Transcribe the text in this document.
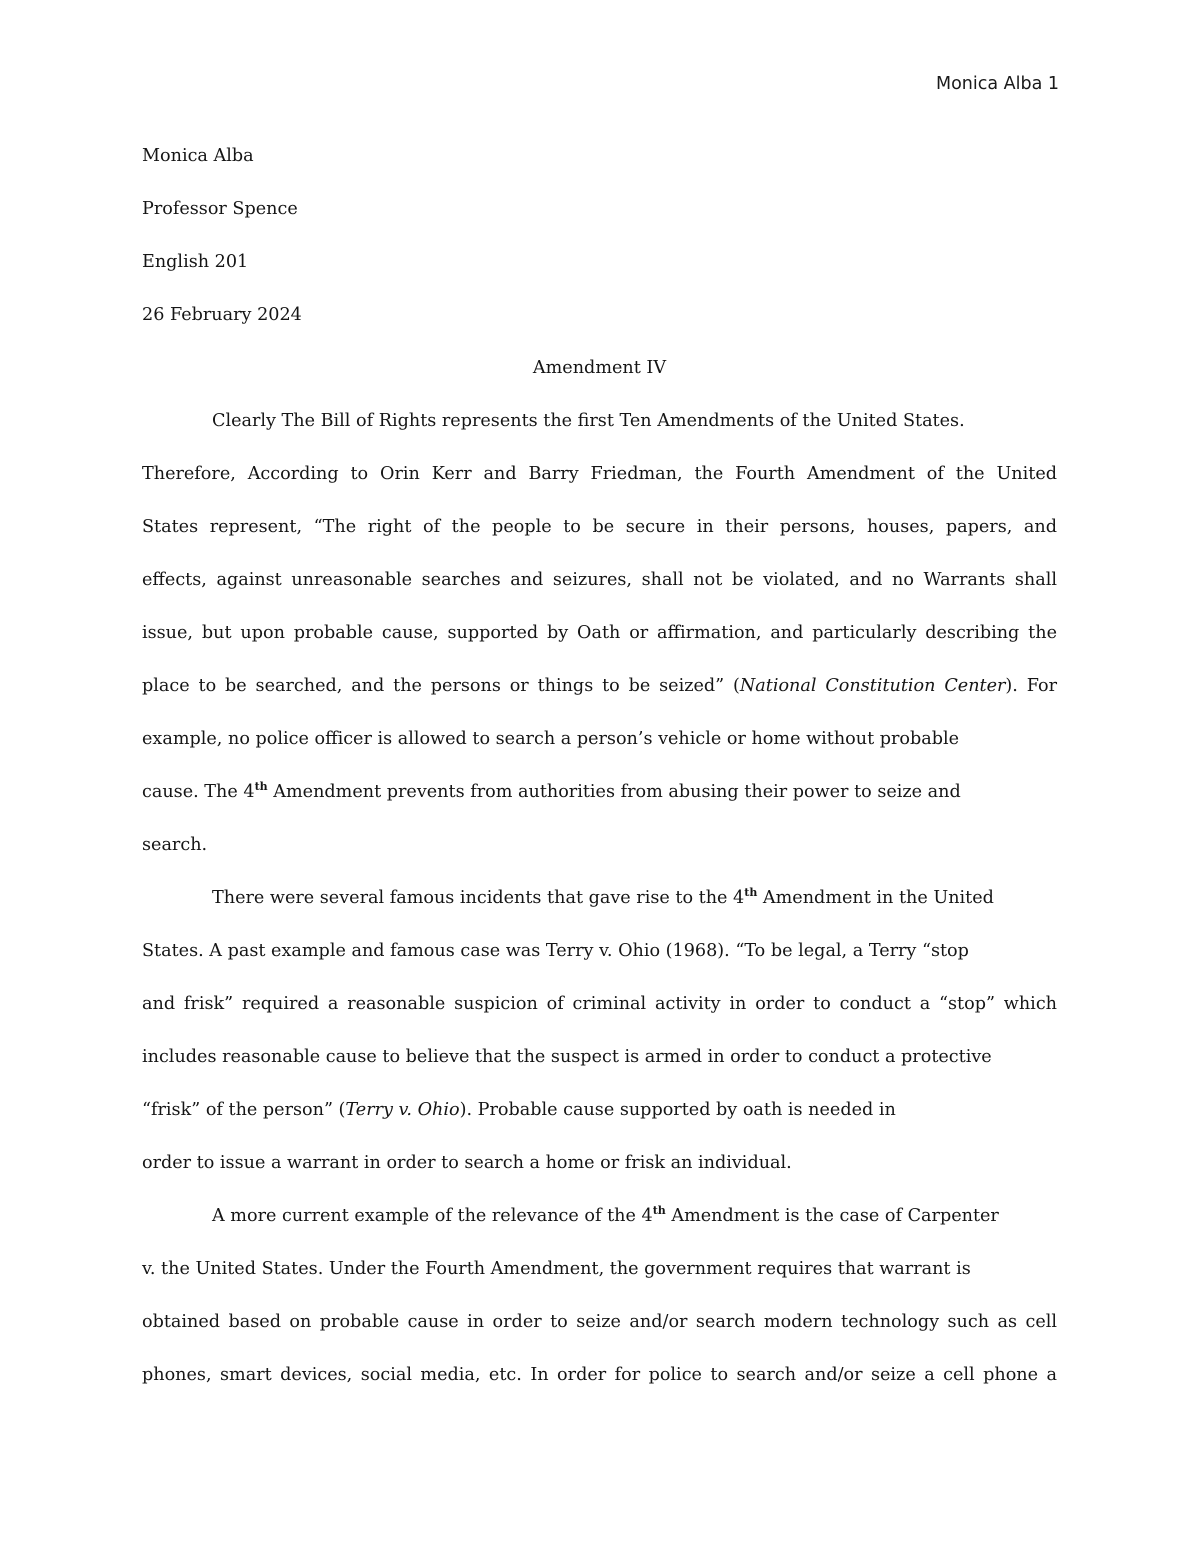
Monica Alba 1
Monica Alba
Professor Spence
English 201
26 February 2024
Amendment IV
Clearly The Bill of Rights represents the first Ten Amendments of the United States.
Therefore, According to Orin Kerr and Barry Friedman, the Fourth Amendment of the United
States represent, “The right of the people to be secure in their persons, houses, papers, and
effects, against unreasonable searches and seizures, shall not be violated, and no Warrants shall
issue, but upon probable cause, supported by Oath or affirmation, and particularly describing the
place to be searched, and the persons or things to be seized” (National Constitution Center). For
example, no police officer is allowed to search a person’s vehicle or home without probable
cause. The 4th Amendment prevents from authorities from abusing their power to seize and
search.
There were several famous incidents that gave rise to the 4th Amendment in the United
States. A past example and famous case was Terry v. Ohio (1968). “To be legal, a Terry “stop
and frisk” required a reasonable suspicion of criminal activity in order to conduct a “stop” which
includes reasonable cause to believe that the suspect is armed in order to conduct a protective
“frisk” of the person” (Terry v. Ohio). Probable cause supported by oath is needed in
order to issue a warrant in order to search a home or frisk an individual.
A more current example of the relevance of the 4th Amendment is the case of Carpenter
v. the United States. Under the Fourth Amendment, the government requires that warrant is
obtained based on probable cause in order to seize and/or search modern technology such as cell
phones, smart devices, social media, etc. In order for police to search and/or seize a cell phone a
